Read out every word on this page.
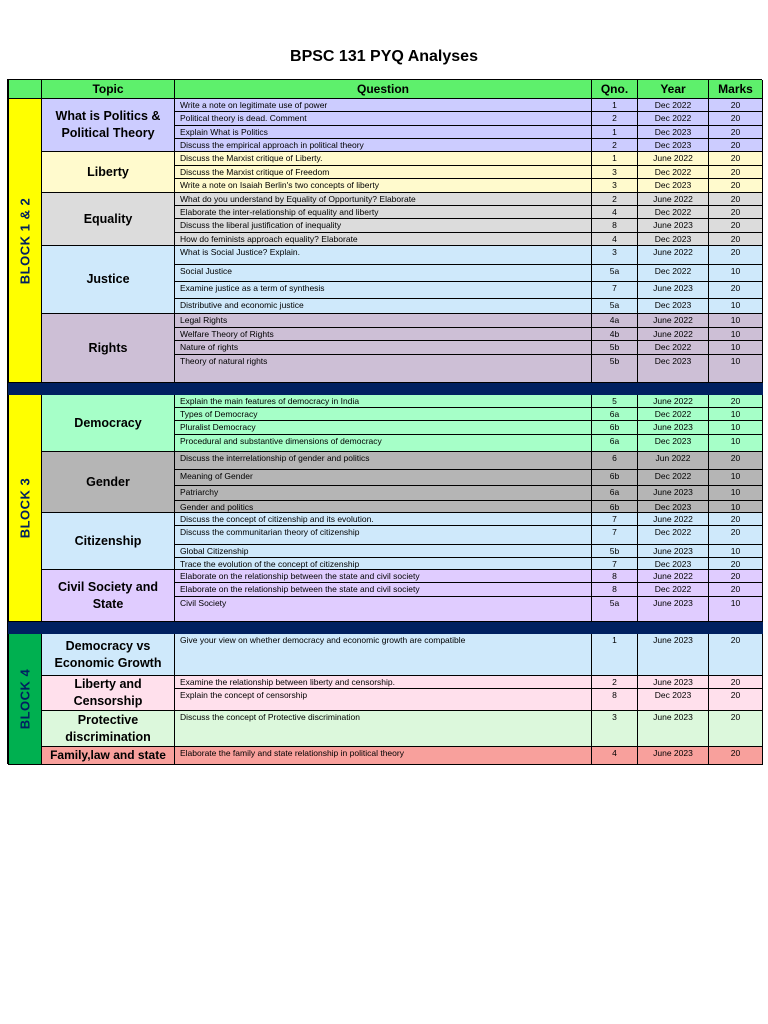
BPSC 131 PYQ Analyses
Topic	Question	Qno.	Year	Marks
What is Politics & Political Theory
Write a note on legitimate use of power	1	Dec 2022	20
Political theory is dead. Comment	2	Dec 2022	20
Explain What is Politics	1	Dec 2023	20
Discuss the empirical approach in political theory	2	Dec 2023	20
Liberty
Discuss the Marxist critique of Liberty.	1	June 2022	20
Discuss the Marxist critique of Freedom	3	Dec 2022	20
Write a note on Isaiah Berlin's two concepts of liberty	3	Dec 2023	20
Equality
What do you understand by Equality of Opportunity? Elaborate	2	June 2022	20
Elaborate the inter-relationship of equality and liberty	4	Dec 2022	20
Discuss the liberal justification of inequality	8	June 2023	20
How do feminists approach equality? Elaborate	4	Dec 2023	20
Justice
What is Social Justice? Explain.	3	June 2022	20
Social Justice	5a	Dec 2022	10
Examine justice as a term of synthesis	7	June 2023	20
Distributive and economic justice	5a	Dec 2023	10
Rights
Legal Rights	4a	June 2022	10
Welfare Theory of Rights	4b	June 2022	10
Nature of rights	5b	Dec 2022	10
Theory of natural rights	5b	Dec 2023	10
BLOCK 1 & 2
Democracy
Explain the main features of democracy in India	5	June 2022	20
Types of Democracy	6a	Dec 2022	10
Pluralist Democracy	6b	June 2023	10
Procedural and substantive dimensions of democracy	6a	Dec 2023	10
Gender
Discuss the interrelationship of gender and politics	6	Jun 2022	20
Meaning of Gender	6b	Dec 2022	10
Patriarchy	6a	June 2023	10
Gender and politics	6b	Dec 2023	10
Citizenship
Discuss the concept of citizenship and its evolution.	7	June 2022	20
Discuss the communitarian theory of citizenship	7	Dec 2022	20
Global Citizenship	5b	June 2023	10
Trace the evolution of the concept of citizenship	7	Dec 2023	20
Civil Society and State
Elaborate on the relationship between the state and civil society	8	June 2022	20
Elaborate on the relationship between the state and civil society	8	Dec 2022	20
Civil Society	5a	June 2023	10
BLOCK 3
Democracy vs Economic Growth
Give your view on whether democracy and economic growth are compatible	1	June 2023	20
Liberty and Censorship
Examine the relationship between liberty and censorship.	2	June 2023	20
Explain the concept of censorship	8	Dec 2023	20
Protective discrimination
Discuss the concept of Protective discrimination	3	June 2023	20
Family,law and state	Elaborate the family and state relationship in political theory	4	June 2023	20
BLOCK 4
